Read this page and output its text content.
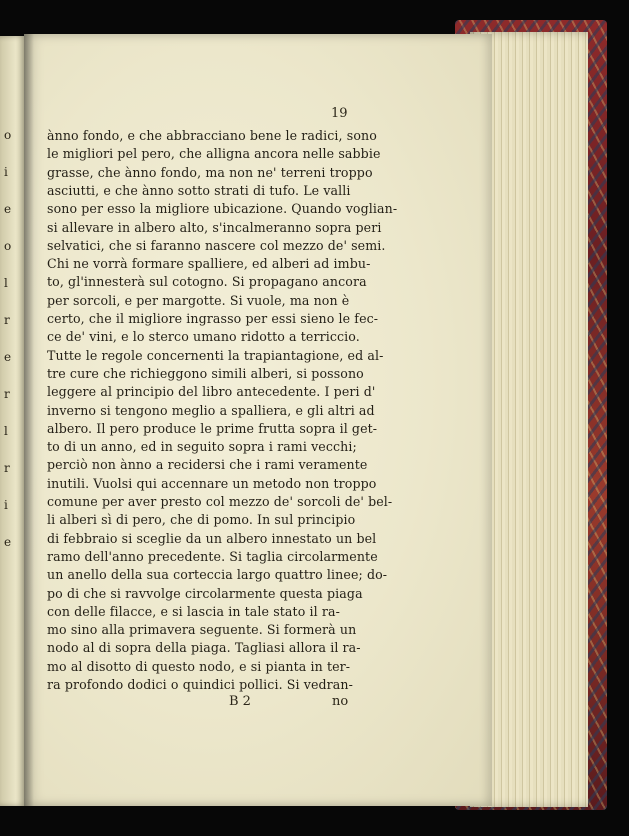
o
i
e
o
l
r
e
r
l
r
i
e
19
ànno fondo, e che abbracciano bene le radici, sono
le migliori pel pero, che alligna ancora nelle sabbie
grasse, che ànno fondo, ma non ne' terreni troppo
asciutti, e che ànno sotto strati di tufo. Le valli
sono per esso la migliore ubicazione. Quando voglian-
si allevare in albero alto, s'incalmeranno sopra peri
selvatici, che si faranno nascere col mezzo de' semi.
Chi ne vorrà formare spalliere, ed alberi ad imbu-
to, gl'innesterà sul cotogno. Si propagano ancora
per sorcoli, e per margotte. Si vuole, ma non è
certo, che il migliore ingrasso per essi sieno le fec-
ce de' vini, e lo sterco umano ridotto a terriccio.
Tutte le regole concernenti la trapiantagione, ed al-
tre cure che richieggono simili alberi, si possono
leggere al principio del libro antecedente. I peri d'
inverno si tengono meglio a spalliera, e gli altri ad
albero. Il pero produce le prime frutta sopra il get-
to di un anno, ed in seguito sopra i rami vecchi;
perciò non ànno a recidersi che i rami veramente
inutili. Vuolsi qui accennare un metodo non troppo
comune per aver presto col mezzo de' sorcoli de' bel-
li alberi sì di pero, che di pomo. In sul principio
di febbraio si sceglie da un albero innestato un bel
ramo dell'anno precedente. Si taglia circolarmente
un anello della sua corteccia largo quattro linee; do-
po di che si ravvolge circolarmente questa piaga
con delle filacce, e si lascia in tale stato il ra-
mo sino alla primavera seguente. Si formerà un
nodo al di sopra della piaga. Tagliasi allora il ra-
mo al disotto di questo nodo, e si pianta in ter-
ra profondo dodici o quindici pollici. Si vedran-
B 2	no
